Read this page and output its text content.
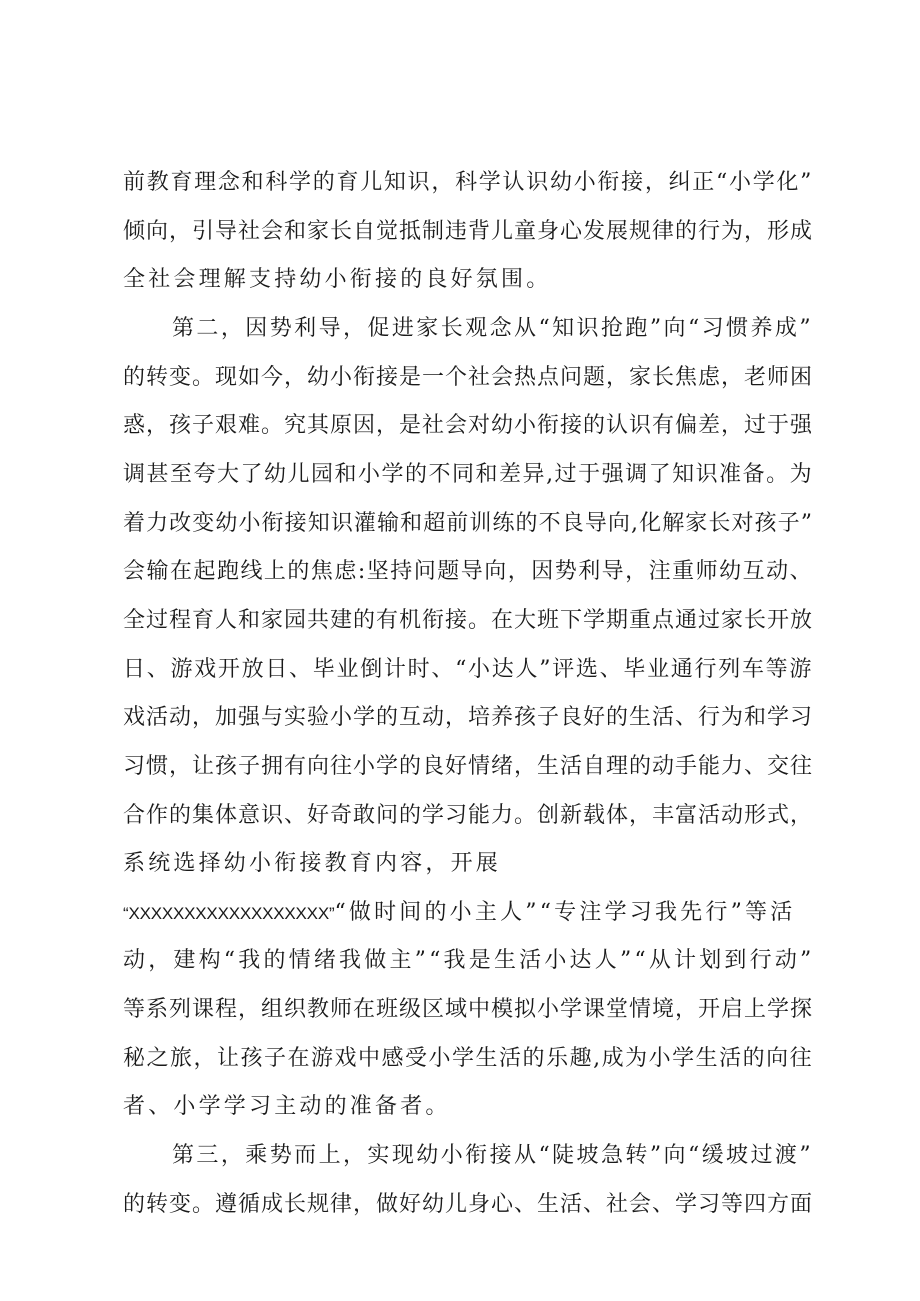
前教育理念和科学的育儿知识，科学认识幼小衔接，纠正“小学化”
倾向，引导社会和家长自觉抵制违背儿童身心发展规律的行为，形成
全社会理解支持幼小衔接的良好氛围。
第二，因势利导，促进家长观念从“知识抢跑”向“习惯养成”
的转变。现如今，幼小衔接是一个社会热点问题，家长焦虑，老师困
惑，孩子艰难。究其原因，是社会对幼小衔接的认识有偏差，过于强
调甚至夸大了幼儿园和小学的不同和差异,过于强调了知识准备。为
着力改变幼小衔接知识灌输和超前训练的不良导向,化解家长对孩子”
会输在起跑线上的焦虑:坚持问题导向，因势利导，注重师幼互动、
全过程育人和家园共建的有机衔接。在大班下学期重点通过家长开放
日、游戏开放日、毕业倒计时、“小达人”评选、毕业通行列车等游
戏活动，加强与实验小学的互动，培养孩子良好的生活、行为和学习
习惯，让孩子拥有向往小学的良好情绪，生活自理的动手能力、交往
合作的集体意识、好奇敢问的学习能力。创新载体，丰富活动形式，
系统选择幼小衔接教育内容，开展
“XXXXXXXXXXXXXXXXXX”“做时间的小主人”“专注学习我先行”等活
动，建构“我的情绪我做主”“我是生活小达人”“从计划到行动”
等系列课程，组织教师在班级区域中模拟小学课堂情境，开启上学探
秘之旅，让孩子在游戏中感受小学生活的乐趣,成为小学生活的向往
者、小学学习主动的准备者。
第三，乘势而上，实现幼小衔接从“陡坡急转”向“缓坡过渡”
的转变。遵循成长规律，做好幼儿身心、生活、社会、学习等四方面
